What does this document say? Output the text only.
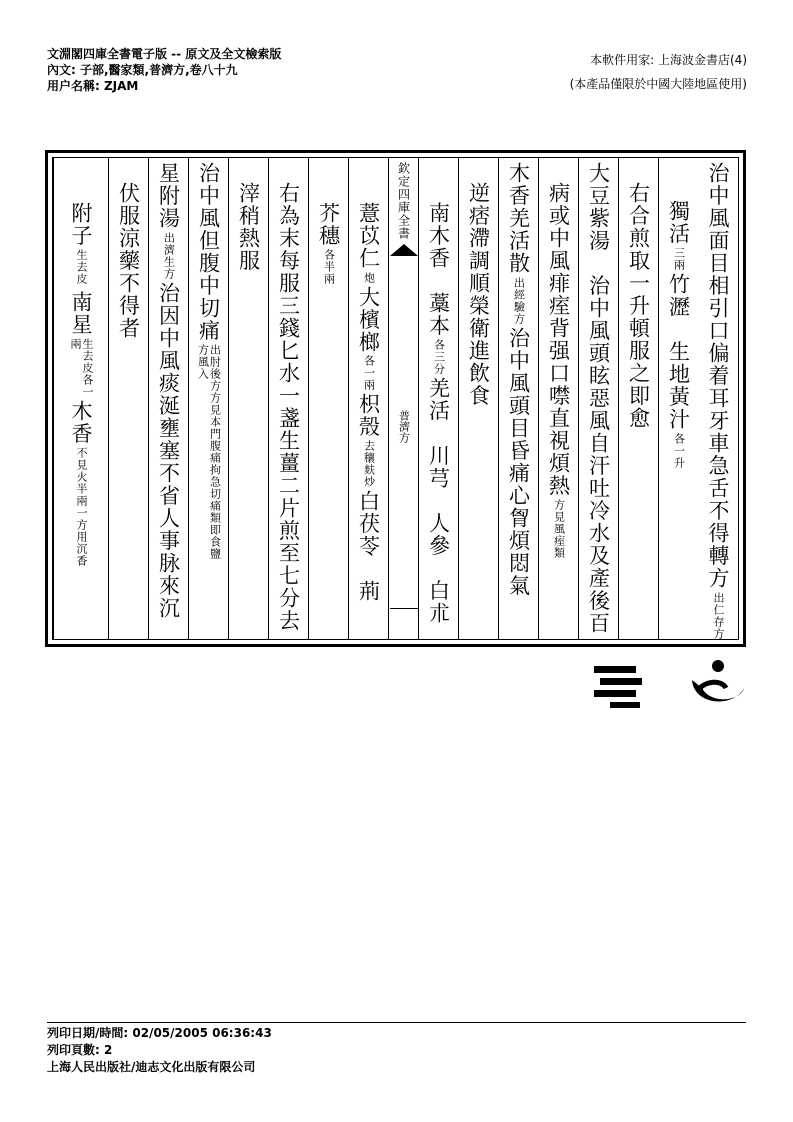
文淵閣四庫全書電子版 -- 原文及全文檢索版
內文: 子部,醫家類,普濟方,卷八十九
用户名稱: ZJAM
本軟件用家: 上海波金書店(4)
(本產品僅限於中國大陸地區使用)
治中風面目相引口偏着耳牙車急舌不得轉方
出仁存方
獨活
三兩
竹瀝　生地黃汁
各一升
右合煎取一升頓服之即愈
大豆紫湯　治中風頭眩惡風自汗吐冷水及產後百
病或中風痱痓背强口噤直視煩熱
方見風痓類
木香羌活散
出經驗方
治中風頭目昏痛心胷煩悶氣
逆痞滯調順榮衛進飲食
南木香　藁本
各三分
羌活　川芎　人參　白朮
欽定四庫全書
普濟方
薏苡仁
炮
大檳榔
各一兩
枳殼
去穰麸炒
白茯苓　荊
芥穗
各半兩
右為末每服三錢匕水一盞生薑二片煎至七分去
滓稍熱服
治中風但腹中切痛
出肘後方方見本門腹痛拘急切痛類即食鹽方風入
星附湯
出濟生方
治因中風痰涎壅塞不省人事脉來沉
伏服涼藥不得者
附子
生去皮
南星
生去皮各一兩
木香
不見火半兩一方用沉香
列印日期/時間: 02/05/2005 06:36:43
列印頁數: 2
上海人民出版社/迪志文化出版有限公司
